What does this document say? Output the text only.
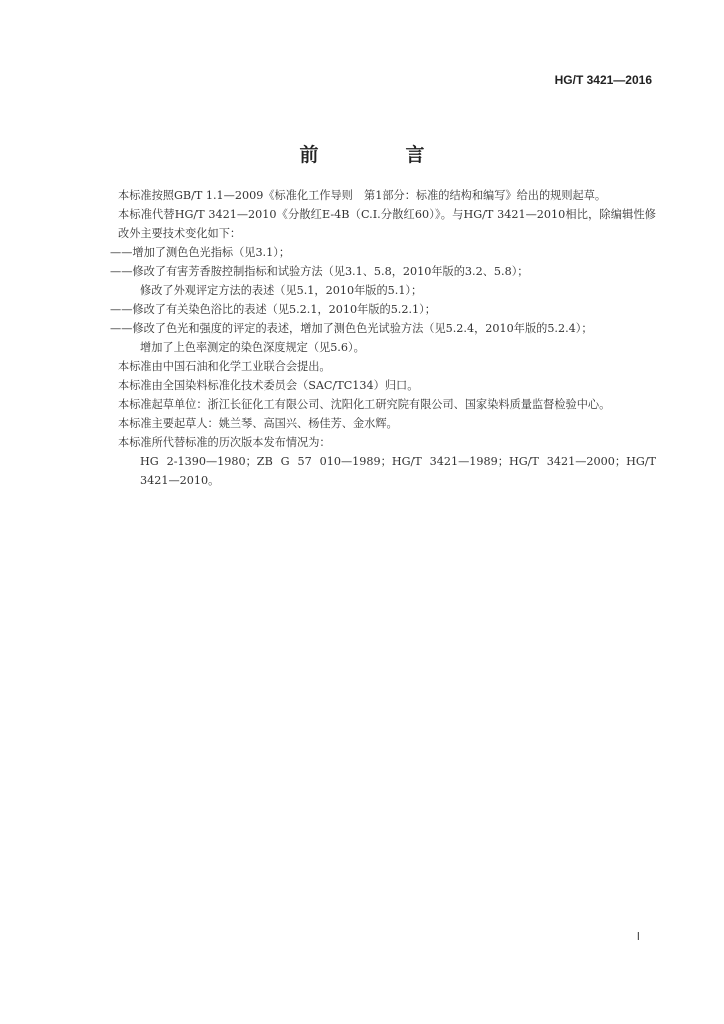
HG/T 3421—2016
前　言

本标准按照GB/T 1.1—2009《标准化工作导则　第1部分：标准的结构和编写》给出的规则起草。

本标准代替HG/T 3421—2010《分散红E-4B（C.I.分散红60）》。与HG/T 3421—2010相比，除编辑性修改外主要技术变化如下：

——增加了测色色光指标（见3.1）；

——修改了有害芳香胺控制指标和试验方法（见3.1、5.8，2010年版的3.2、5.8）；

修改了外观评定方法的表述（见5.1，2010年版的5.1）；

——修改了有关染色浴比的表述（见5.2.1，2010年版的5.2.1）；

——修改了色光和强度的评定的表述，增加了测色色光试验方法（见5.2.4，2010年版的5.2.4）；

增加了上色率测定的染色深度规定（见5.6）。

本标准由中国石油和化学工业联合会提出。

本标准由全国染料标准化技术委员会（SAC/TC134）归口。

本标准起草单位：浙江长征化工有限公司、沈阳化工研究院有限公司、国家染料质量监督检验中心。

本标准主要起草人：姚兰琴、高国兴、杨佳芳、金水辉。

本标准所代替标准的历次版本发布情况为：

HG 2-1390—1980；ZB G 57 010—1989；HG/T 3421—1989；HG/T 3421—2000；HG/T 3421—2010。

I
